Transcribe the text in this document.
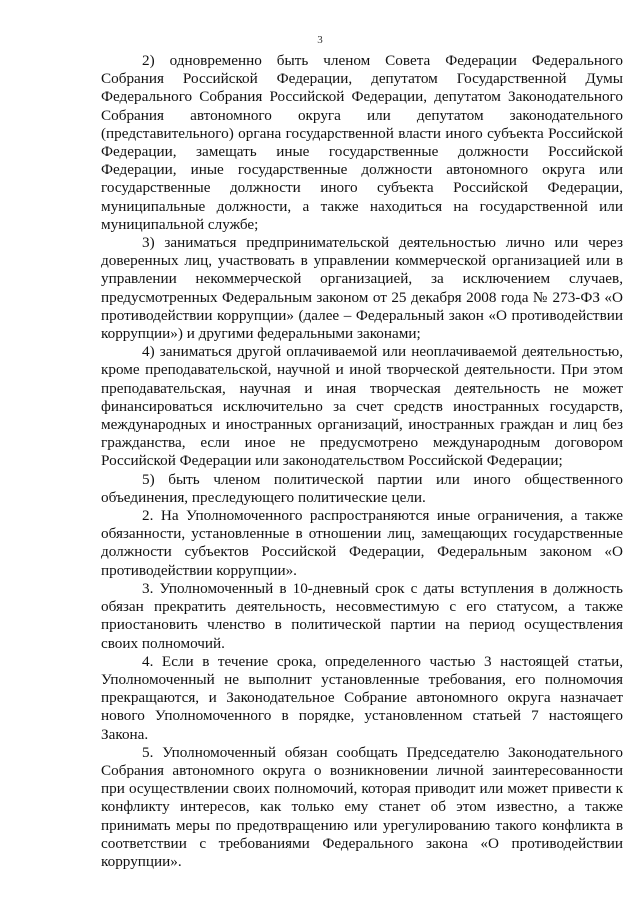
3

2) одновременно быть членом Совета Федерации Федерального Собрания Российской Федерации, депутатом Государственной Думы Федерального Собрания Российской Федерации, депутатом Законодательного Собрания автономного округа или депутатом законодательного (представительного) органа государственной власти иного субъекта Российской Федерации, замещать иные государственные должности Российской Федерации, иные государственные должности автономного округа или государственные должности иного субъекта Российской Федерации, муниципальные должности, а также находиться на государственной или муниципальной службе;

3) заниматься предпринимательской деятельностью лично или через доверенных лиц, участвовать в управлении коммерческой организацией или в управлении некоммерческой организацией, за исключением случаев, предусмотренных Федеральным законом от 25 декабря 2008 года № 273-ФЗ «О противодействии коррупции» (далее – Федеральный закон «О противодействии коррупции») и другими федеральными законами;

4) заниматься другой оплачиваемой или неоплачиваемой деятельностью, кроме преподавательской, научной и иной творческой деятельности. При этом преподавательская, научная и иная творческая деятельность не может финансироваться исключительно за счет средств иностранных государств, международных и иностранных организаций, иностранных граждан и лиц без гражданства, если иное не предусмотрено международным договором Российской Федерации или законодательством Российской Федерации;

5) быть членом политической партии или иного общественного объединения, преследующего политические цели.

2. На Уполномоченного распространяются иные ограничения, а также обязанности, установленные в отношении лиц, замещающих государственные должности субъектов Российской Федерации, Федеральным законом «О противодействии коррупции».

3. Уполномоченный в 10-дневный срок с даты вступления в должность обязан прекратить деятельность, несовместимую с его статусом, а также приостановить членство в политической партии на период осуществления своих полномочий.

4. Если в течение срока, определенного частью 3 настоящей статьи, Уполномоченный не выполнит установленные требования, его полномочия прекращаются, и Законодательное Собрание автономного округа назначает нового Уполномоченного в порядке, установленном статьей 7 настоящего Закона.

5. Уполномоченный обязан сообщать Председателю Законодательного Собрания автономного округа о возникновении личной заинтересованности при осуществлении своих полномочий, которая приводит или может привести к конфликту интересов, как только ему станет об этом известно, а также принимать меры по предотвращению или урегулированию такого конфликта в соответствии с требованиями Федерального закона «О противодействии коррупции».
